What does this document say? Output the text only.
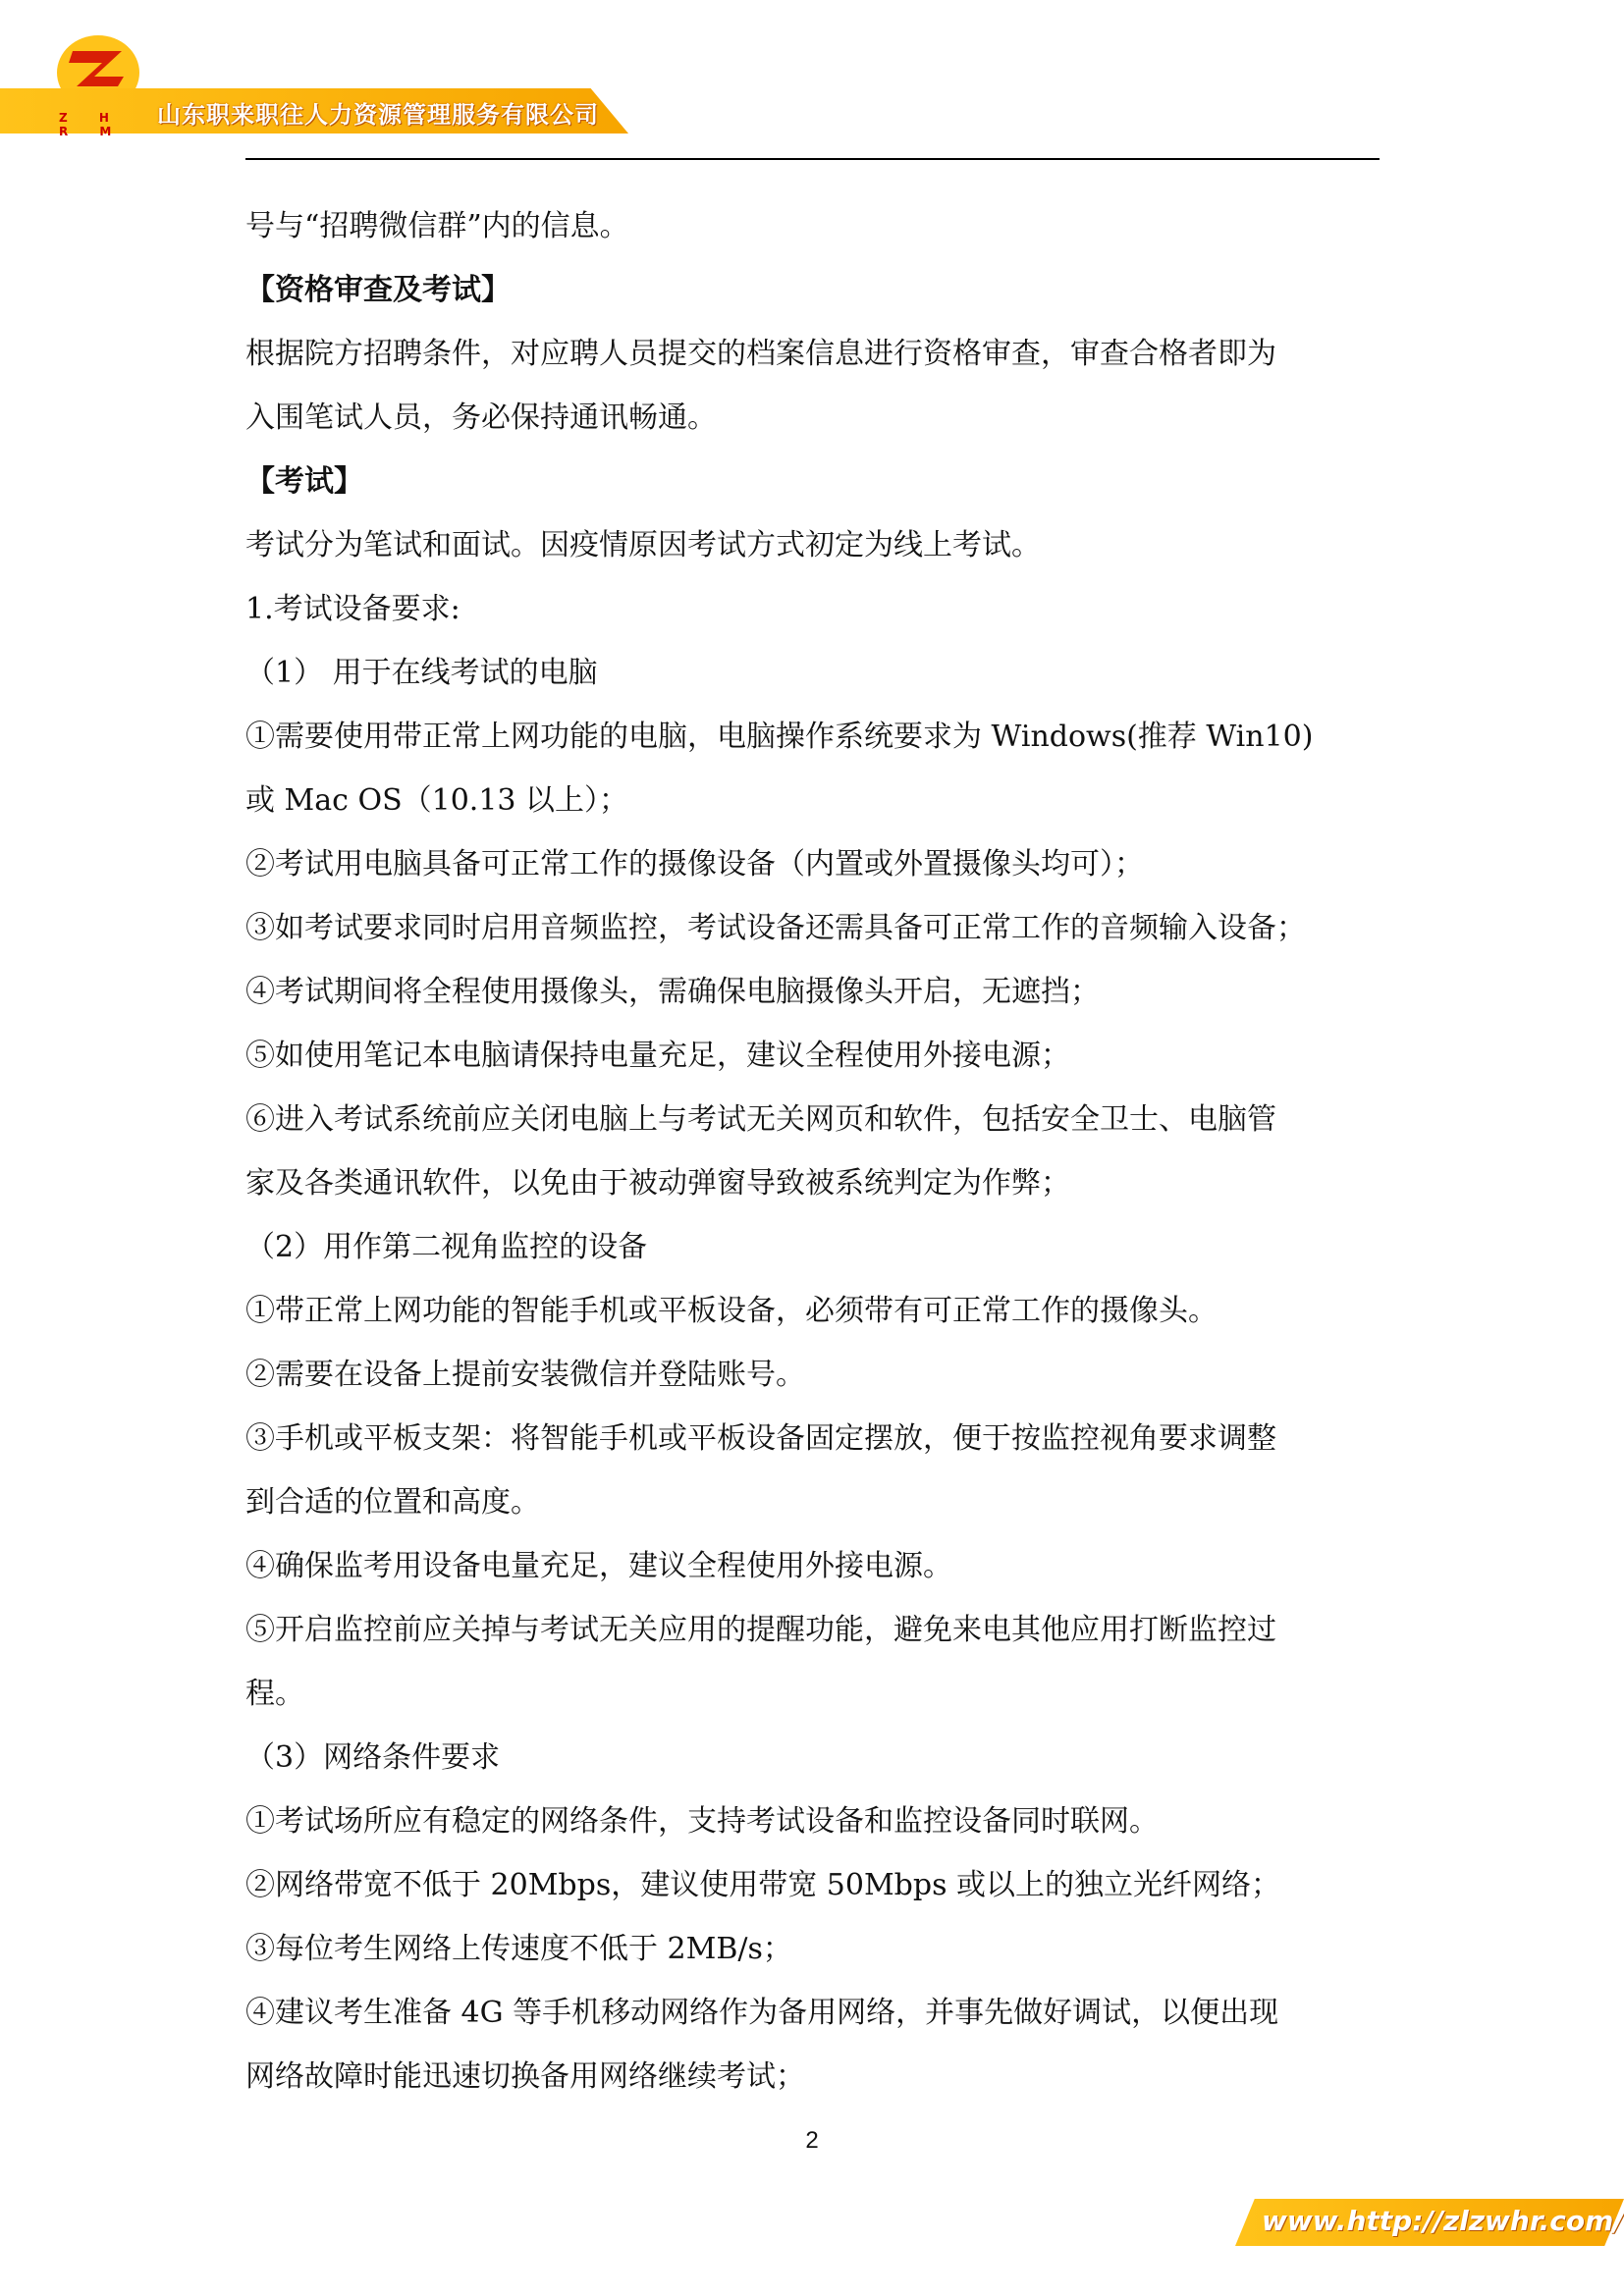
Z H R M
山东职来职往人力资源管理服务有限公司

号与“招聘微信群”内的信息。

【资格审查及考试】

根据院方招聘条件，对应聘人员提交的档案信息进行资格审查，审查合格者即为

入围笔试人员，务必保持通讯畅通。

【考试】

考试分为笔试和面试。因疫情原因考试方式初定为线上考试。

1.考试设备要求:

（1） 用于在线考试的电脑

①需要使用带正常上网功能的电脑，电脑操作系统要求为 Windows(推荐 Win10)

或 Mac OS（10.13 以上）；

②考试用电脑具备可正常工作的摄像设备（内置或外置摄像头均可）；

③如考试要求同时启用音频监控，考试设备还需具备可正常工作的音频输入设备；

④考试期间将全程使用摄像头，需确保电脑摄像头开启，无遮挡；

⑤如使用笔记本电脑请保持电量充足，建议全程使用外接电源；

⑥进入考试系统前应关闭电脑上与考试无关网页和软件，包括安全卫士、电脑管

家及各类通讯软件，以免由于被动弹窗导致被系统判定为作弊；

（2）用作第二视角监控的设备

①带正常上网功能的智能手机或平板设备，必须带有可正常工作的摄像头。

②需要在设备上提前安装微信并登陆账号。

③手机或平板支架：将智能手机或平板设备固定摆放，便于按监控视角要求调整

到合适的位置和高度。

④确保监考用设备电量充足，建议全程使用外接电源。

⑤开启监控前应关掉与考试无关应用的提醒功能，避免来电其他应用打断监控过

程。

（3）网络条件要求

①考试场所应有稳定的网络条件，支持考试设备和监控设备同时联网。

②网络带宽不低于 20Mbps，建议使用带宽 50Mbps 或以上的独立光纤网络；

③每位考生网络上传速度不低于 2MB/s；

④建议考生准备 4G 等手机移动网络作为备用网络，并事先做好调试，以便出现

网络故障时能迅速切换备用网络继续考试；

2
www.http://zlzwhr.com/
